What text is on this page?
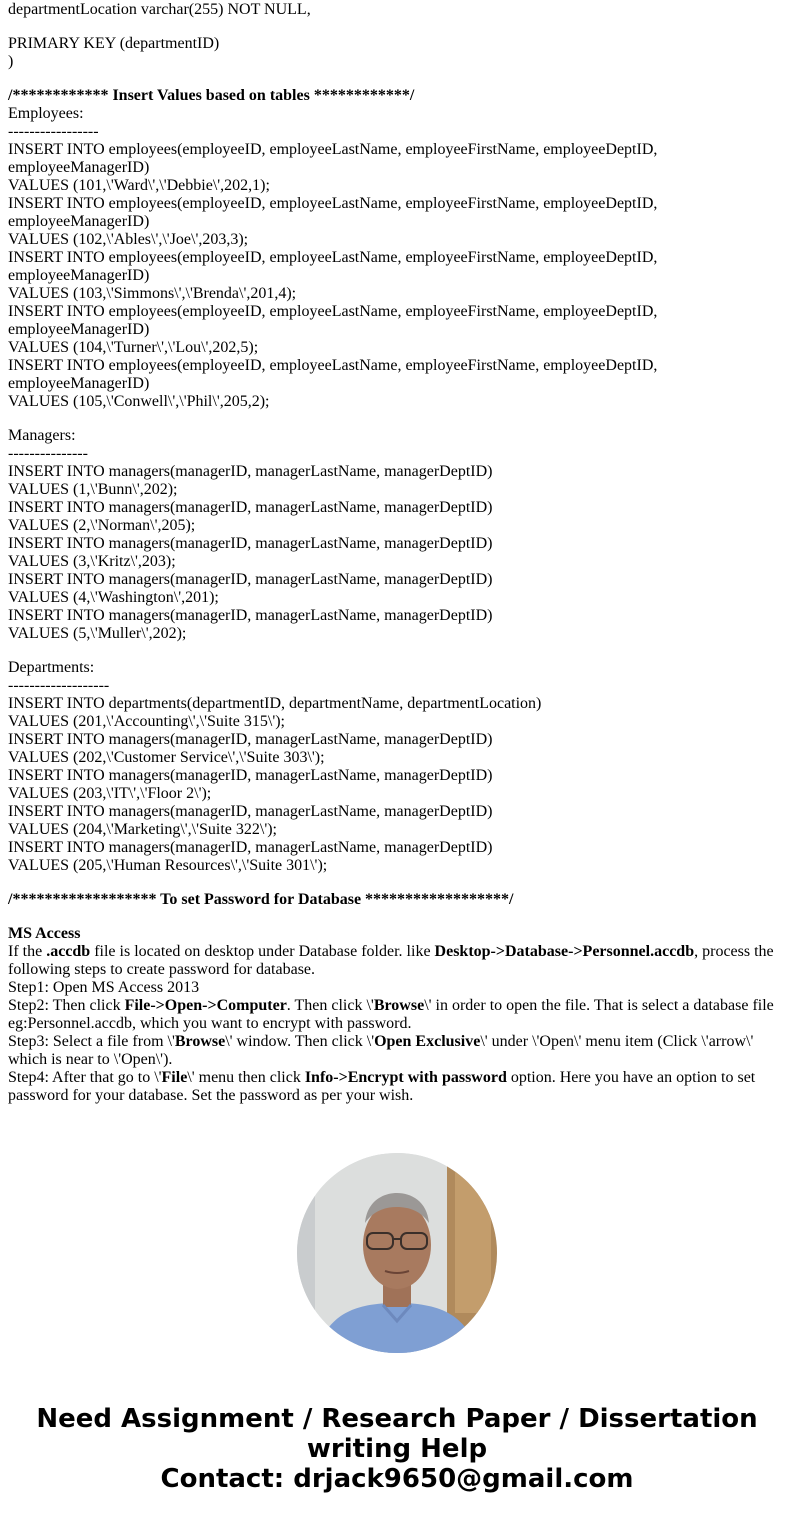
departmentLocation varchar(255) NOT NULL,
PRIMARY KEY (departmentID)
)
/************ Insert Values based on tables ************/
Employees:
-----------------
INSERT INTO employees(employeeID, employeeLastName, employeeFirstName, employeeDeptID,
employeeManagerID)
VALUES (101,\'Ward\',\'Debbie\',202,1);
INSERT INTO employees(employeeID, employeeLastName, employeeFirstName, employeeDeptID,
employeeManagerID)
VALUES (102,\'Ables\',\'Joe\',203,3);
INSERT INTO employees(employeeID, employeeLastName, employeeFirstName, employeeDeptID,
employeeManagerID)
VALUES (103,\'Simmons\',\'Brenda\',201,4);
INSERT INTO employees(employeeID, employeeLastName, employeeFirstName, employeeDeptID,
employeeManagerID)
VALUES (104,\'Turner\',\'Lou\',202,5);
INSERT INTO employees(employeeID, employeeLastName, employeeFirstName, employeeDeptID,
employeeManagerID)
VALUES (105,\'Conwell\',\'Phil\',205,2);
Managers:
---------------
INSERT INTO managers(managerID, managerLastName, managerDeptID)
VALUES (1,\'Bunn\',202);
INSERT INTO managers(managerID, managerLastName, managerDeptID)
VALUES (2,\'Norman\',205);
INSERT INTO managers(managerID, managerLastName, managerDeptID)
VALUES (3,\'Kritz\',203);
INSERT INTO managers(managerID, managerLastName, managerDeptID)
VALUES (4,\'Washington\',201);
INSERT INTO managers(managerID, managerLastName, managerDeptID)
VALUES (5,\'Muller\',202);
Departments:
-------------------
INSERT INTO departments(departmentID, departmentName, departmentLocation)
VALUES (201,\'Accounting\',\'Suite 315\');
INSERT INTO managers(managerID, managerLastName, managerDeptID)
VALUES (202,\'Customer Service\',\'Suite 303\');
INSERT INTO managers(managerID, managerLastName, managerDeptID)
VALUES (203,\'IT\',\'Floor 2\');
INSERT INTO managers(managerID, managerLastName, managerDeptID)
VALUES (204,\'Marketing\',\'Suite 322\');
INSERT INTO managers(managerID, managerLastName, managerDeptID)
VALUES (205,\'Human Resources\',\'Suite 301\');
/****************** To set Password for Database ******************/
MS Access
If the .accdb file is located on desktop under Database folder. like Desktop->Database->Personnel.accdb, process the following steps to create password for database.
Step1: Open MS Access 2013
Step2: Then click File->Open->Computer. Then click \'Browse\' in order to open the file. That is select a database file eg:Personnel.accdb, which you want to encrypt with password.
Step3: Select a file from \'Browse\' window. Then click \'Open Exclusive\' under \'Open\' menu item (Click \'arrow\' which is near to \'Open\').
Step4: After that go to \'File\' menu then click Info->Encrypt with password option. Here you have an option to set password for your database. Set the password as per your wish.
Need Assignment / Research Paper / Dissertation
writing Help
Contact: drjack9650@gmail.com
